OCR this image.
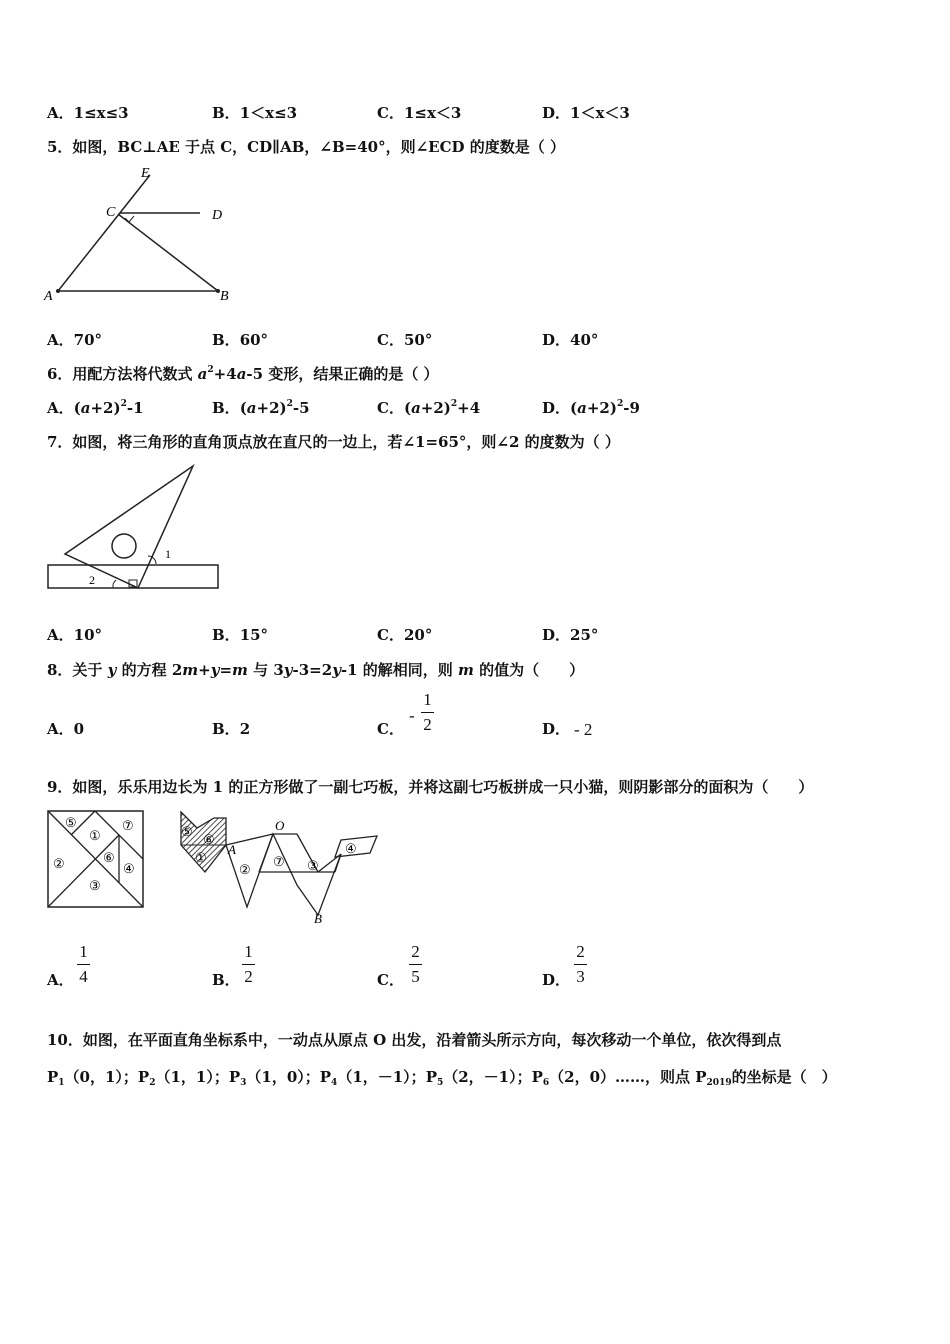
A．1≤x≤3	B．1＜x≤3	C．1≤x＜3	D．1＜x＜3
5．如图，BC⊥AE 于点 C，CD∥AB，∠B=40°，则∠ECD 的度数是（ ）
E
C	D
A	B
A．70°	B．60°	C．50°	D．40°
6．用配方法将代数式 $a^2+4a-5$ 变形，结果正确的是（ ）
A．$(a+2)^2-1$	B．$(a+2)^2-5$	C．$(a+2)^2+4$	D．$(a+2)^2-9$
7．如图，将三角形的直角顶点放在直尺的一边上，若∠1=65°，则∠2 的度数为（ ）
1
2
A．10°	B．15°	C．20°	D．25°
8．关于 y 的方程 2m+y=m 与 3y-3=2y-1 的解相同，则 m 的值为（　　）
A．0	B．2	C．
-
1
2	D． - 2
9．如图，乐乐用边长为 1 的正方形做了一副七巧板，并将这副七巧板拼成一只小猫，则阴影部分的面积为（　　）
⑤
①
⑦
②	⑥
④
③
⑤
⑥
①
②
⑦ ③
④
O
A
B
A．
1
4	B．
1
2	C．
2
5	D．
2
3
10．如图，在平面直角坐标系中，一动点从原点 O 出发，沿着箭头所示方向，每次移动一个单位，依次得到点
$P_1(0$，1）；$P_2(1$，1）；$P_3(1$，0）；$P_4(1$，－1）；$P_5(2$，－1）；$P_6(2$，0）……，则点 $P_{2019}$的坐标是（　）
